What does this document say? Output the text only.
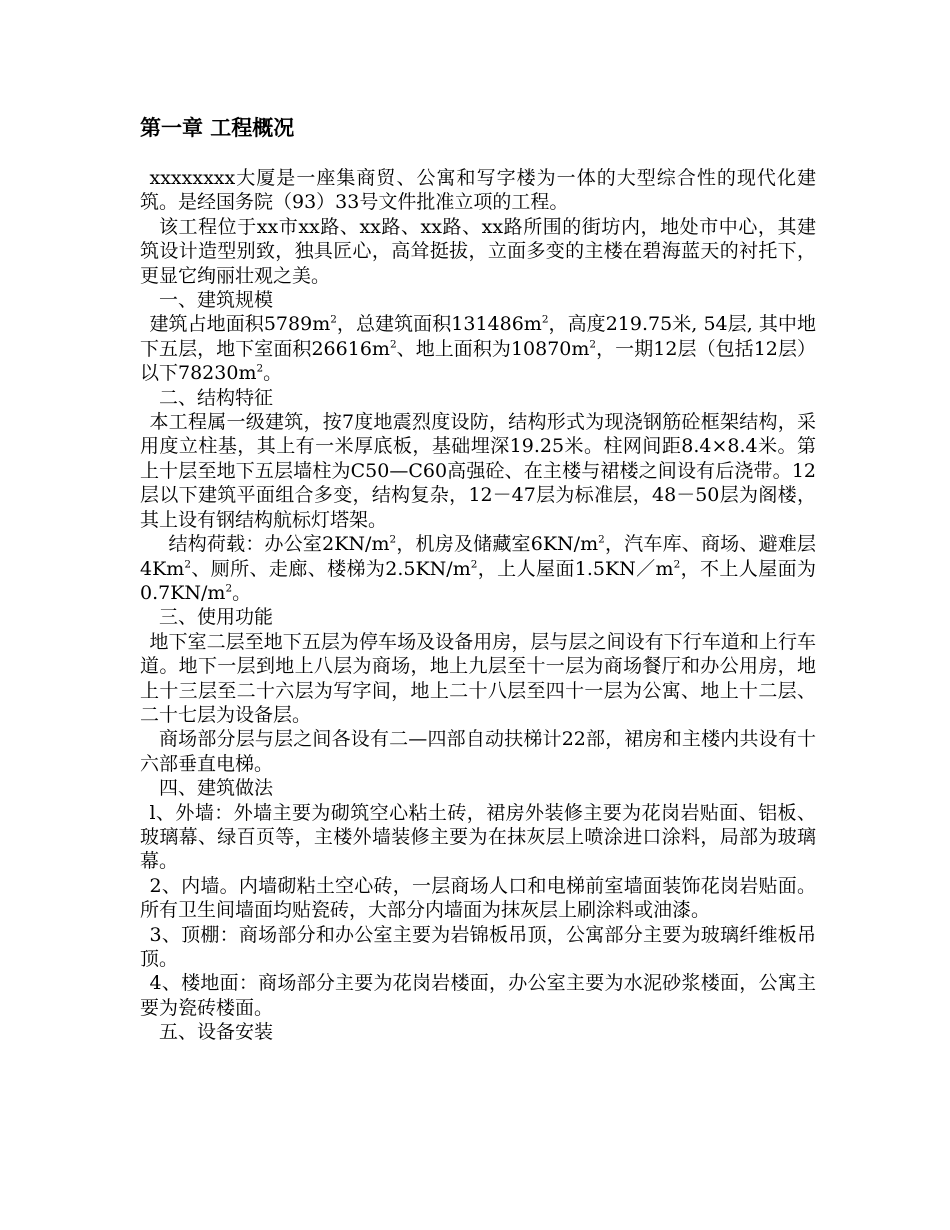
第一章 工程概况

xxxxxxxx大厦是一座集商贸、公寓和写字楼为一体的大型综合性的现代化建筑。是经国务院（93）33号文件批准立项的工程。

该工程位于xx市xx路、xx路、xx路、xx路所围的街坊内，地处市中心，其建筑设计造型别致，独具匠心，高耸挺拔，立面多变的主楼在碧海蓝天的衬托下，更显它绚丽壮观之美。

一、建筑规模

建筑占地面积$5789m^2$，总建筑面积$131486m^2$，高度219.75米, 54层, 其中地下五层，地下室面积$26616m^2$、地上面积为$10870m^2$，一期12层（包括12层）以下$78230m^2$。

二、结构特征

本工程属一级建筑，按7度地震烈度设防，结构形式为现浇钢筋砼框架结构，采用度立柱基，其上有一米厚底板，基础埋深19.25米。柱网间距8.4×8.4米。第上十层至地下五层墙柱为C50—C60高强砼、在主楼与裙楼之间设有后浇带。12层以下建筑平面组合多变，结构复杂，12－47层为标准层，48－50层为阁楼，其上设有钢结构航标灯塔架。

结构荷载：办公室$2KN/m^2$，机房及储藏室$6KN/m^2$，汽车库、商场、避难层4Km$^2$、厕所、走廊、楼梯为$2.5KN/m^2$，上人屋面$1.5KN/m^2$，不上人屋面为$0.7KN/m^2$。

三、使用功能

地下室二层至地下五层为停车场及设备用房，层与层之间设有下行车道和上行车道。地下一层到地上八层为商场，地上九层至十一层为商场餐厅和办公用房，地上十三层至二十六层为写字间，地上二十八层至四十一层为公寓、地上十二层、二十七层为设备层。

商场部分层与层之间各设有二—四部自动扶梯计22部，裙房和主楼内共设有十六部垂直电梯。

四、建筑做法

l、外墙：外墙主要为砌筑空心粘土砖，裙房外装修主要为花岗岩贴面、铝板、玻璃幕、绿百页等，主楼外墙装修主要为在抹灰层上喷涂进口涂料，局部为玻璃幕。

2、内墙。内墙砌粘土空心砖，一层商场人口和电梯前室墙面装饰花岗岩贴面。所有卫生间墙面均贴瓷砖，大部分内墙面为抹灰层上刷涂料或油漆。

3、顶棚：商场部分和办公室主要为岩锦板吊顶，公寓部分主要为玻璃纤维板吊顶。

4、楼地面：商场部分主要为花岗岩楼面，办公室主要为水泥砂浆楼面，公寓主要为瓷砖楼面。

五、设备安装
